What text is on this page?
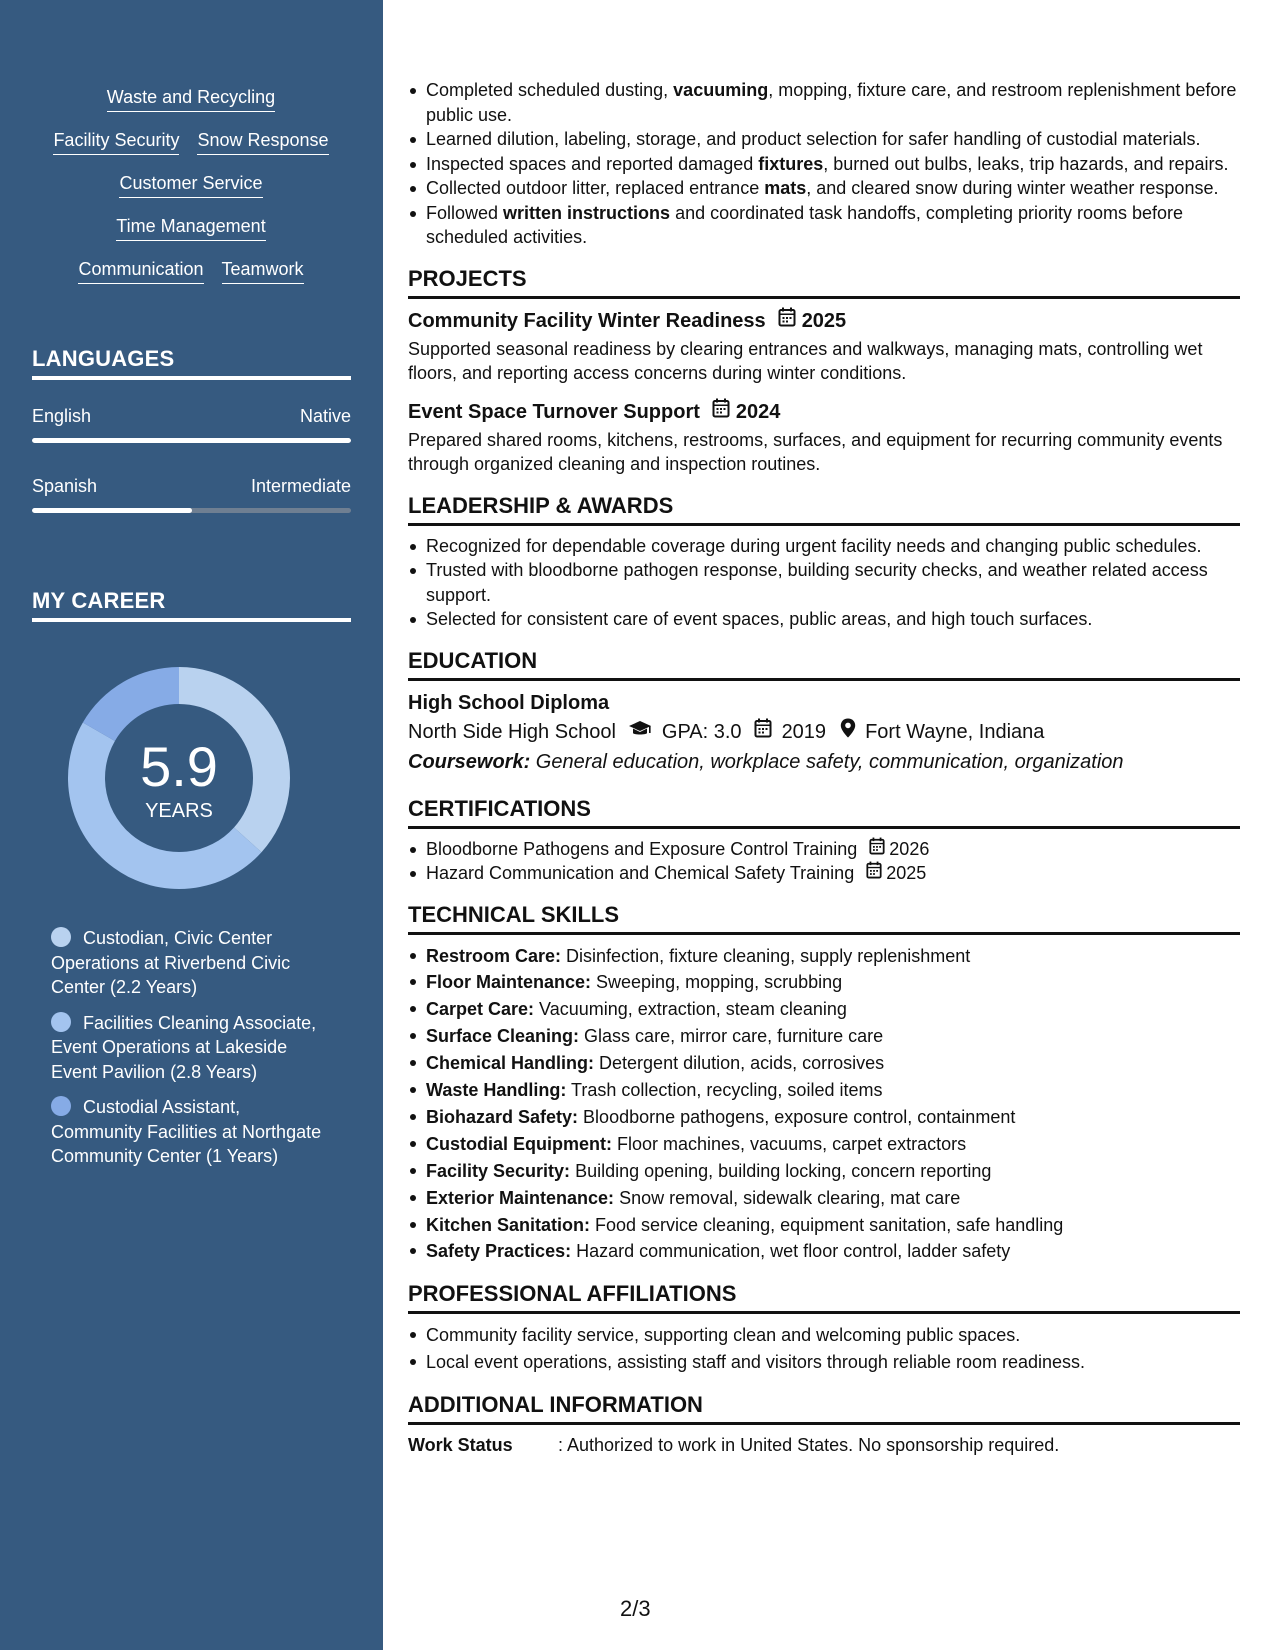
Waste and Recycling
Facility Security Snow Response
Customer Service
Time Management
Communication Teamwork
LANGUAGES
English	Native
Spanish	Intermediate
MY CAREER
5.9
YEARS
Custodian, Civic Center Operations at Riverbend Civic Center (2.2 Years)
Facilities Cleaning Associate, Event Operations at Lakeside Event Pavilion (2.8 Years)
Custodial Assistant, Community Facilities at Northgate Community Center (1 Years)
Completed scheduled dusting, vacuuming, mopping, fixture care, and restroom replenishment before public use.
Learned dilution, labeling, storage, and product selection for safer handling of custodial materials.
Inspected spaces and reported damaged fixtures, burned out bulbs, leaks, trip hazards, and repairs.
Collected outdoor litter, replaced entrance mats, and cleared snow during winter weather response.
Followed written instructions and coordinated task handoffs, completing priority rooms before scheduled activities.
PROJECTS
Community Facility Winter Readiness 2025
Supported seasonal readiness by clearing entrances and walkways, managing mats, controlling wet floors, and reporting access concerns during winter conditions.
Event Space Turnover Support 2024
Prepared shared rooms, kitchens, restrooms, surfaces, and equipment for recurring community events through organized cleaning and inspection routines.
LEADERSHIP & AWARDS
Recognized for dependable coverage during urgent facility needs and changing public schedules.
Trusted with bloodborne pathogen response, building security checks, and weather related access support.
Selected for consistent care of event spaces, public areas, and high touch surfaces.
EDUCATION
High School Diploma
North Side High School GPA: 3.0 2019 Fort Wayne, Indiana
Coursework: General education, workplace safety, communication, organization
CERTIFICATIONS
Bloodborne Pathogens and Exposure Control Training 2026
Hazard Communication and Chemical Safety Training 2025
TECHNICAL SKILLS
Restroom Care: Disinfection, fixture cleaning, supply replenishment
Floor Maintenance: Sweeping, mopping, scrubbing
Carpet Care: Vacuuming, extraction, steam cleaning
Surface Cleaning: Glass care, mirror care, furniture care
Chemical Handling: Detergent dilution, acids, corrosives
Waste Handling: Trash collection, recycling, soiled items
Biohazard Safety: Bloodborne pathogens, exposure control, containment
Custodial Equipment: Floor machines, vacuums, carpet extractors
Facility Security: Building opening, building locking, concern reporting
Exterior Maintenance: Snow removal, sidewalk clearing, mat care
Kitchen Sanitation: Food service cleaning, equipment sanitation, safe handling
Safety Practices: Hazard communication, wet floor control, ladder safety
PROFESSIONAL AFFILIATIONS
Community facility service, supporting clean and welcoming public spaces.
Local event operations, assisting staff and visitors through reliable room readiness.
ADDITIONAL INFORMATION
Work Status	: Authorized to work in United States. No sponsorship required.
2/3
